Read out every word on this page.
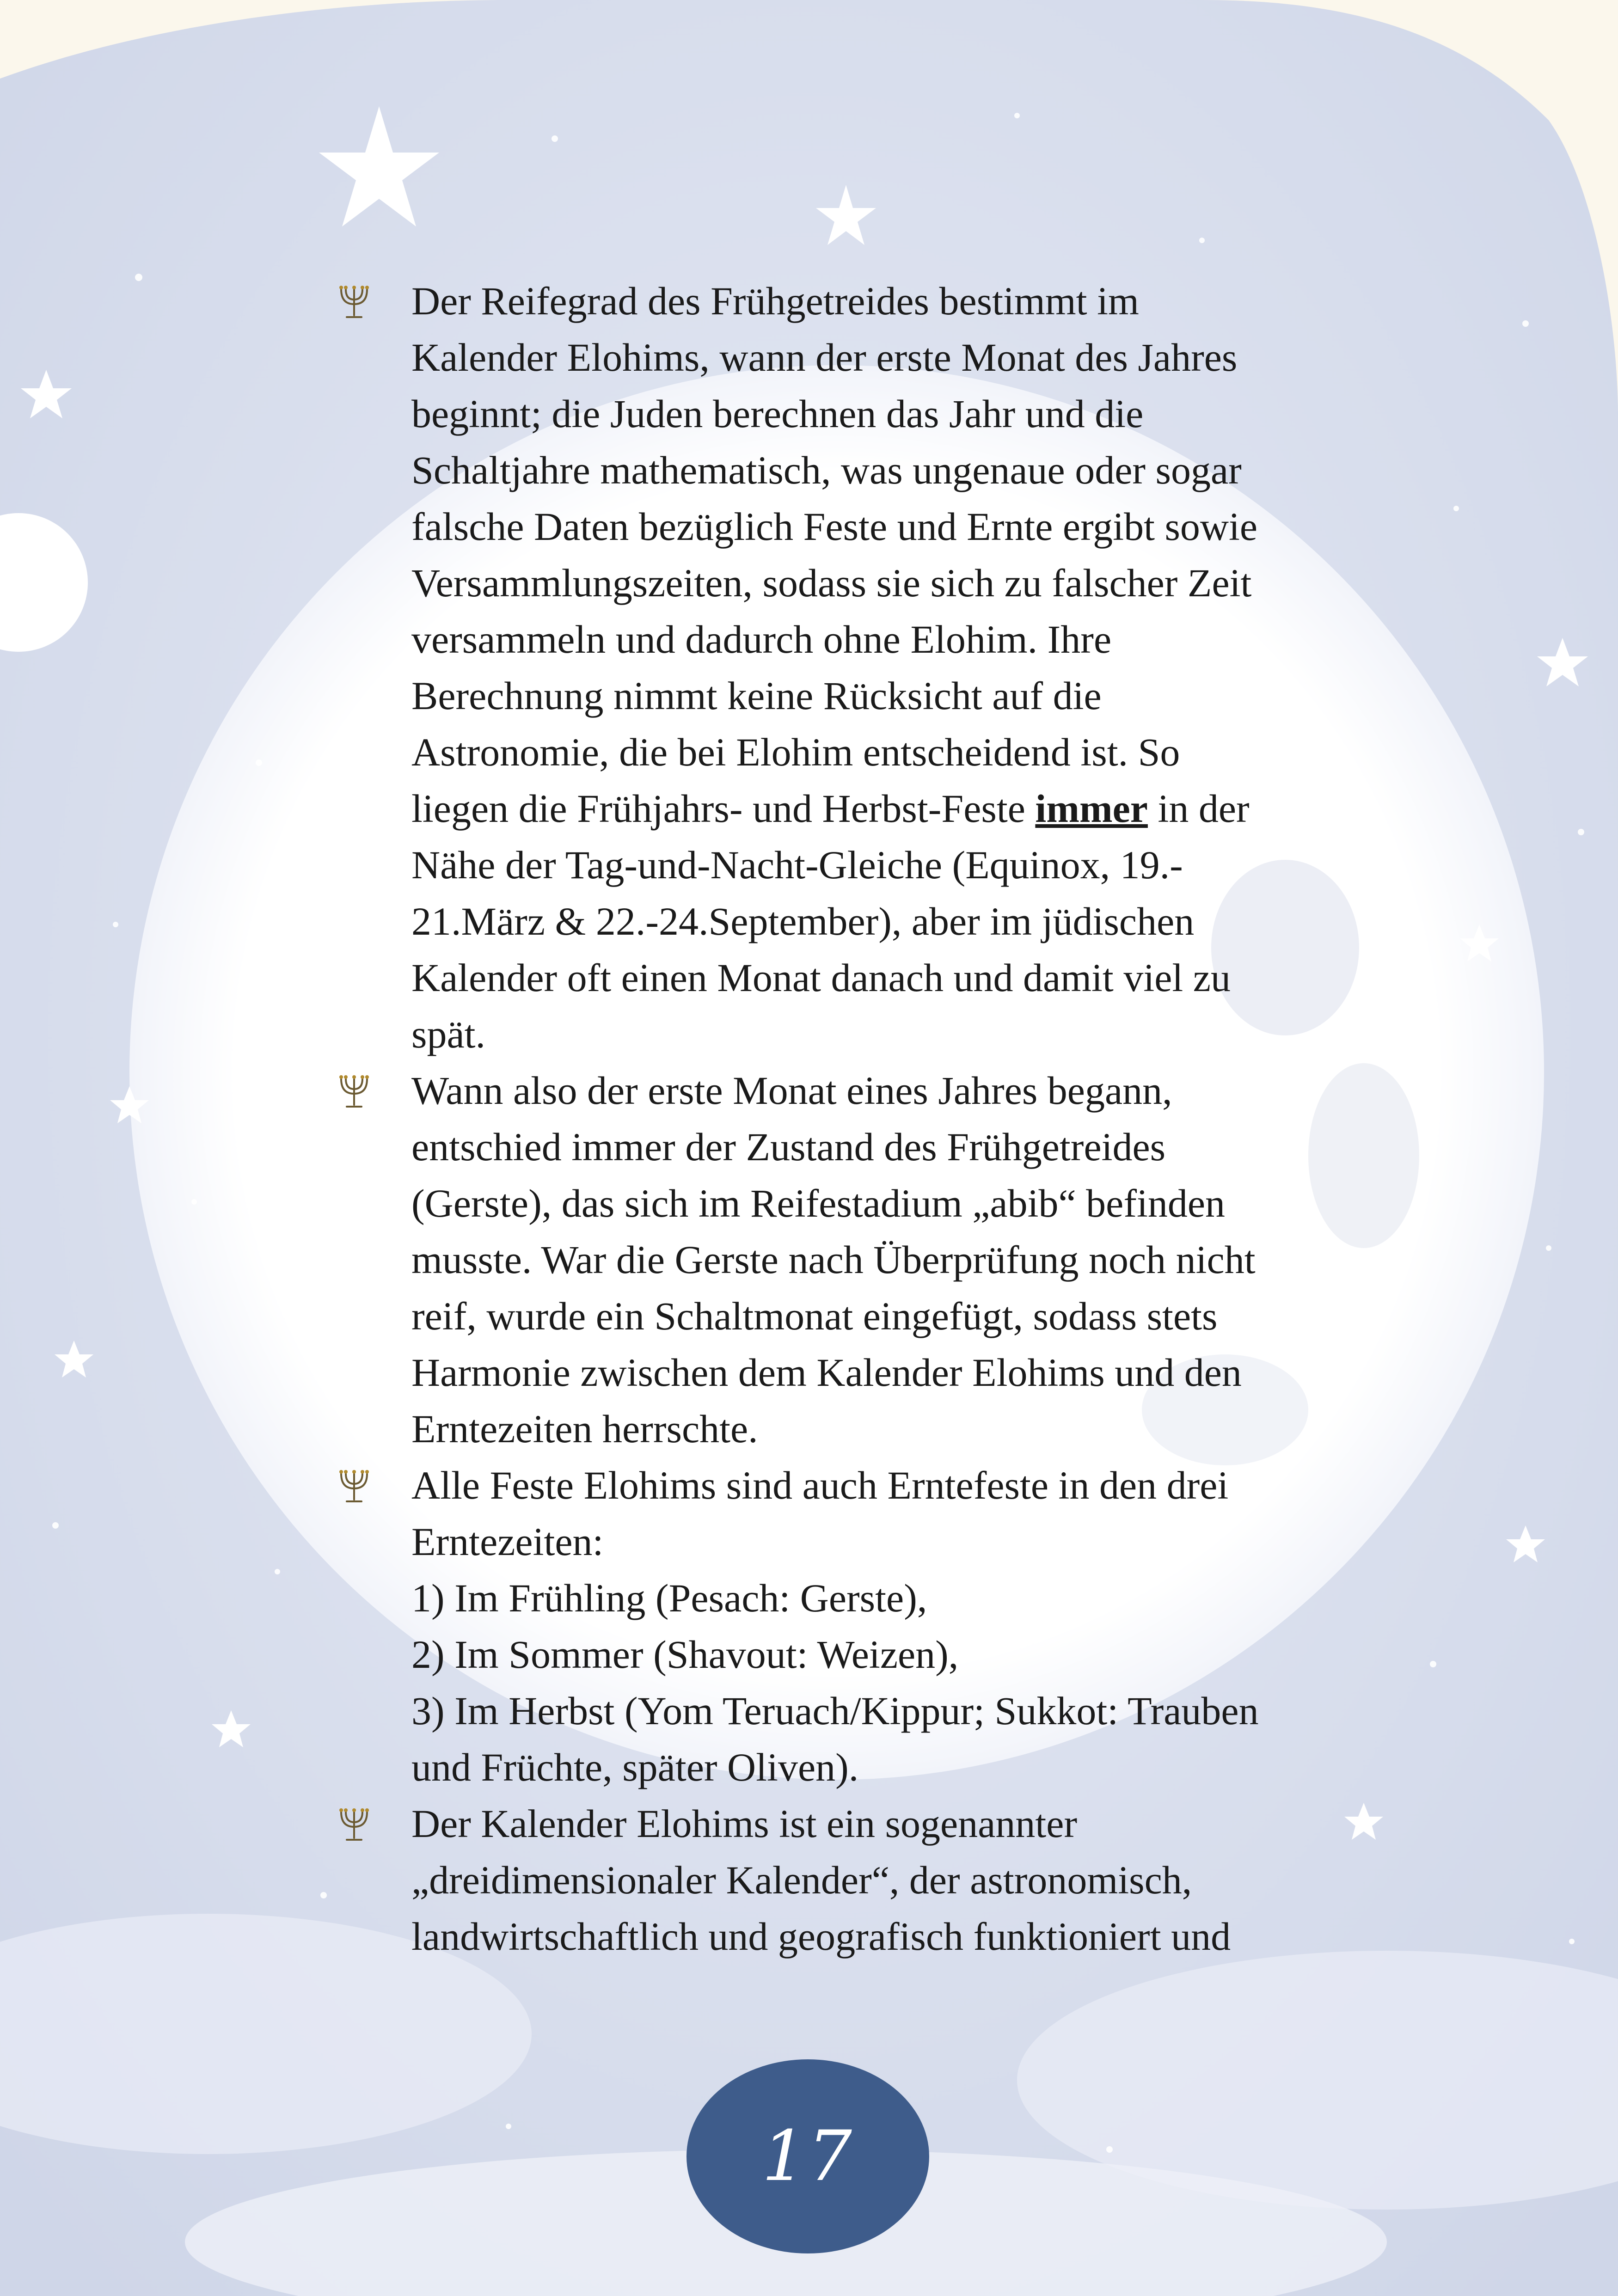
Der Reifegrad des Frühgetreides bestimmt im
Kalender Elohims, wann der erste Monat des Jahres
beginnt; die Juden berechnen das Jahr und die
Schaltjahre mathematisch, was ungenaue oder sogar
falsche Daten bezüglich Feste und Ernte ergibt sowie
Versammlungszeiten, sodass sie sich zu falscher Zeit
versammeln und dadurch ohne Elohim. Ihre
Berechnung nimmt keine Rücksicht auf die
Astronomie, die bei Elohim entscheidend ist. So
liegen die Frühjahrs- und Herbst-Feste immer in der
Nähe der Tag-und-Nacht-Gleiche (Equinox, 19.-
21.März & 22.-24.September), aber im jüdischen
Kalender oft einen Monat danach und damit viel zu
spät.
Wann also der erste Monat eines Jahres begann,
entschied immer der Zustand des Frühgetreides
(Gerste), das sich im Reifestadium „abib“ befinden
musste. War die Gerste nach Überprüfung noch nicht
reif, wurde ein Schaltmonat eingefügt, sodass stets
Harmonie zwischen dem Kalender Elohims und den
Erntezeiten herrschte.
Alle Feste Elohims sind auch Erntefeste in den drei
Erntezeiten:
1) Im Frühling (Pesach: Gerste),
2) Im Sommer (Shavout: Weizen),
3) Im Herbst (Yom Teruach/Kippur; Sukkot: Trauben
und Früchte, später Oliven).
Der Kalender Elohims ist ein sogenannter
„dreidimensionaler Kalender“, der astronomisch,
landwirtschaftlich und geografisch funktioniert und
17
